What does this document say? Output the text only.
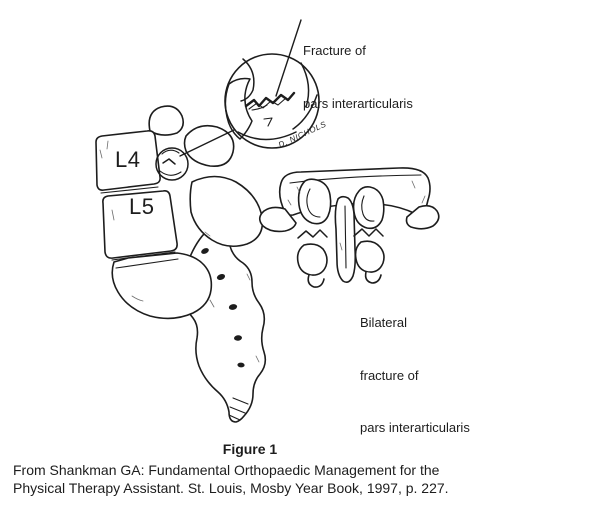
Fracture of

pars interarticularis

L4
L5

Bilateral

fracture of

pars interarticularis

D. NICHOLS
Figure 1
From Shankman GA: Fundamental Orthopaedic Management for the
Physical Therapy Assistant. St. Louis, Mosby Year Book, 1997, p. 227.
